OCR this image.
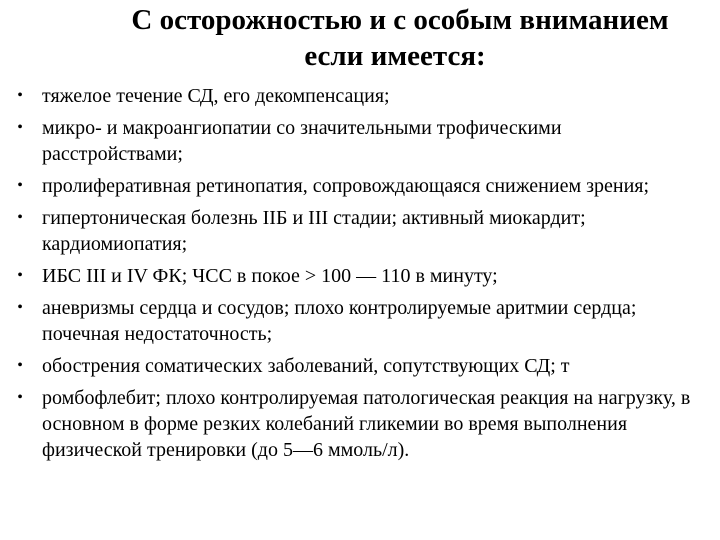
С осторожностью и с особым вниманием
если имеется:
• тяжелое течение СД, его декомпенсация;
• микро- и макроангиопатии со значительными трофическими расстройствами;
• пролиферативная ретинопатия, сопровождающаяся снижением зрения;
• гипертоническая болезнь IIБ и III стадии; активный миокардит; кардиомиопатия;
• ИБС III и IV ФК; ЧСС в покое > 100 — 110 в минуту;
• аневризмы сердца и сосудов; плохо контролируемые аритмии сердца; почечная недостаточность;
• обострения соматических заболеваний, сопутствующих СД; т
• ромбофлебит; плохо контролируемая патологическая реакция на нагрузку, в основном в форме резких колебаний гликемии во время выполнения физической тренировки (до 5—6 ммоль/л).
